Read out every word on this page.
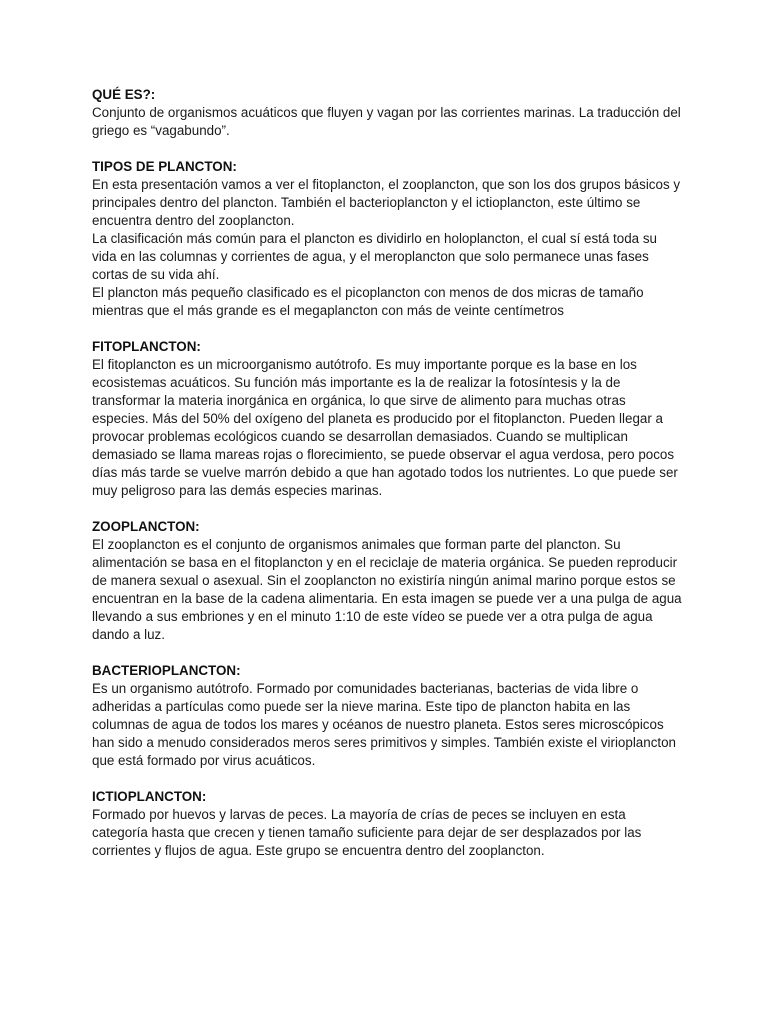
QUÉ ES?:

Conjunto de organismos acuáticos que fluyen y vagan por las corrientes marinas. La traducción del griego es “vagabundo”.

TIPOS DE PLANCTON:

En esta presentación vamos a ver el fitoplancton, el zooplancton, que son los dos grupos básicos y principales dentro del plancton. También el bacterioplancton y el ictioplancton, este último se encuentra dentro del zooplancton.

La clasificación más común para el plancton es dividirlo en holoplancton, el cual sí está toda su vida en las columnas y corrientes de agua, y el meroplancton que solo permanece unas fases cortas de su vida ahí.

El plancton más pequeño clasificado es el picoplancton con menos de dos micras de tamaño mientras que el más grande es el megaplancton con más de veinte centímetros

FITOPLANCTON:

El fitoplancton es un microorganismo autótrofo. Es muy importante porque es la base en los ecosistemas acuáticos. Su función más importante es la de realizar la fotosíntesis y la de transformar la materia inorgánica en orgánica, lo que sirve de alimento para muchas otras especies. Más del 50% del oxígeno del planeta es producido por el fitoplancton. Pueden llegar a provocar problemas ecológicos cuando se desarrollan demasiados. Cuando se multiplican demasiado se llama mareas rojas o florecimiento, se puede observar el agua verdosa, pero pocos días más tarde se vuelve marrón debido a que han agotado todos los nutrientes. Lo que puede ser muy peligroso para las demás especies marinas.

ZOOPLANCTON:

El zooplancton es el conjunto de organismos animales que forman parte del plancton. Su alimentación se basa en el fitoplancton y en el reciclaje de materia orgánica. Se pueden reproducir de manera sexual o asexual. Sin el zooplancton no existiría ningún animal marino porque estos se encuentran en la base de la cadena alimentaria. En esta imagen se puede ver a una pulga de agua llevando a sus embriones y en el minuto 1:10 de este vídeo se puede ver a otra pulga de agua dando a luz.

BACTERIOPLANCTON:

Es un organismo autótrofo. Formado por comunidades bacterianas, bacterias de vida libre o adheridas a partículas como puede ser la nieve marina. Este tipo de plancton habita en las columnas de agua de todos los mares y océanos de nuestro planeta. Estos seres microscópicos han sido a menudo considerados meros seres primitivos y simples. También existe el virioplancton que está formado por virus acuáticos.

ICTIOPLANCTON:

Formado por huevos y larvas de peces. La mayoría de crías de peces se incluyen en esta categoría hasta que crecen y tienen tamaño suficiente para dejar de ser desplazados por las corrientes y flujos de agua. Este grupo se encuentra dentro del zooplancton.
